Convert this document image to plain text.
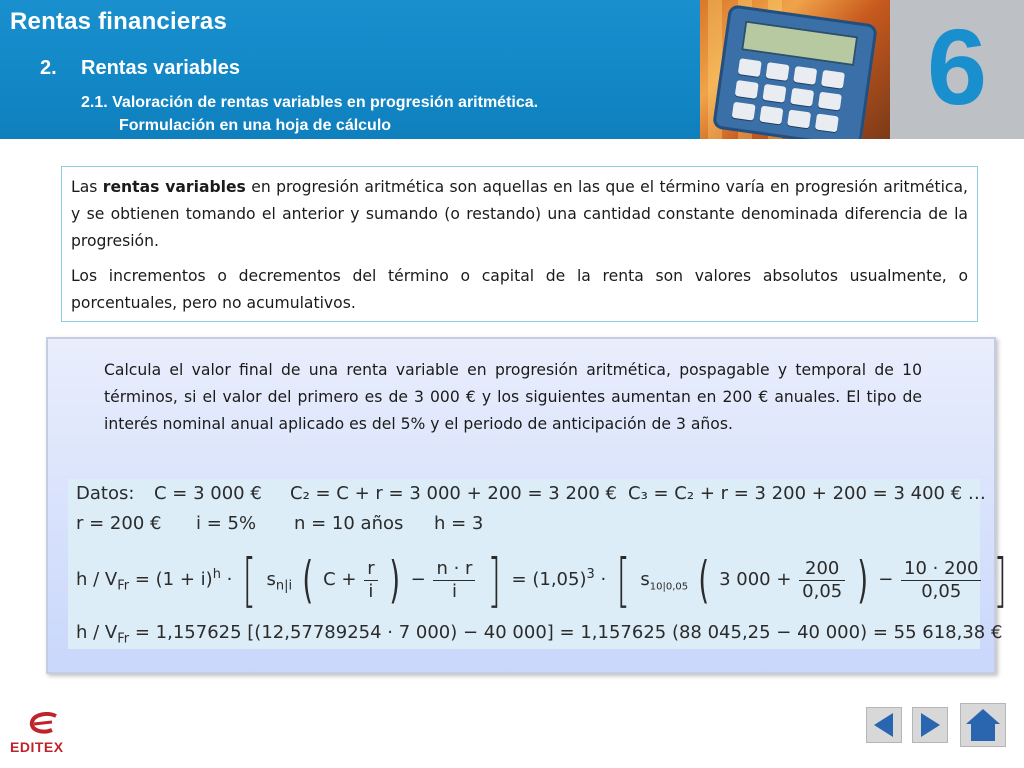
Rentas financieras
2. Rentas variables
2.1. Valoración de rentas variables en progresión aritmética.
Formulación en una hoja de cálculo	6

Las rentas variables en progresión aritmética son aquellas en las que el término varía en progresión aritmética, y se obtienen tomando el anterior y sumando (o restando) una cantidad constante denominada diferencia de la progresión.

Los incrementos o decrementos del término o capital de la renta son valores absolutos usualmente, o porcentuales, pero no acumulativos.

Calcula el valor final de una renta variable en progresión aritmética, pospagable y temporal de 10 términos, si el valor del primero es de 3 000 € y los siguientes aumentan en 200 € anuales. El tipo de interés nominal anual aplicado es del 5% y el periodo de anticipación de 3 años.

Datos: C = 3 000 € C₂ = C + r = 3 000 + 200 = 3 200 € C₃ = C₂ + r = 3 200 + 200 = 3 400 € …
r = 200 € i = 5% n = 10 años h = 3
$h / V_{Fr} = (1 + i)^h$ · [ $s_{n|i}$ ( $C + \frac{r}{i}$ ) − $\frac{n \cdot r}{i}$ ] = $(1,05)^3$ · [ $s_{10|0,05}$ ( 3 $000 + \frac{200}{0,05}$ ) − $\frac{10 \cdot 200}{0,05}$ ]
$h / V_{Fr} = 1,157625$ [(12,57789254 · 7 000) − 40 000] = 1,157625 (88 045,25 − 40 000) = 55 618,38 €
EDITEX
